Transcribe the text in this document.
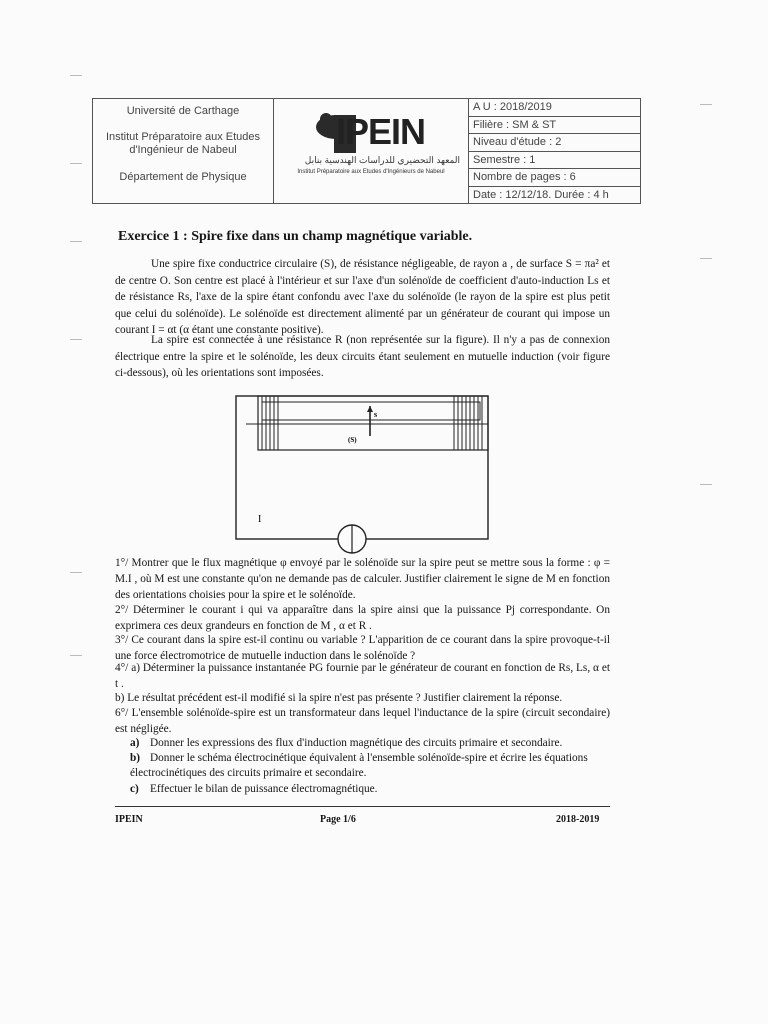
Université de Carthage
Institut Préparatoire aux Etudes d'Ingénieur de Nabeul
Département de Physique
IPEIN
المعهد التحضيري للدراسات الهندسية بنابل
Institut Préparatoire aux Etudes d'Ingénieurs de Nabeul
A U : 2018/2019
Filière : SM & ST
Niveau d'étude : 2
Semestre : 1
Nombre de pages : 6
Date : 12/12/18. Durée : 4 h
Exercice 1 : Spire fixe dans un champ magnétique variable.
Une spire fixe conductrice circulaire (S), de résistance négligeable, de rayon a , de surface S = πa² et de centre O. Son centre est placé à l'intérieur et sur l'axe d'un solénoïde de coefficient d'auto-induction Ls et de résistance Rs, l'axe de la spire étant confondu avec l'axe du solénoïde (le rayon de la spire est plus petit que celui du solénoïde). Le solénoïde est directement alimenté par un générateur de courant qui impose un courant I = αt (α étant une constante positive).
La spire est connectée à une résistance R (non représentée sur la figure). Il n'y a pas de connexion électrique entre la spire et le solénoïde, les deux circuits étant seulement en mutuelle induction (voir figure ci-dessous), où les orientations sont imposées.
s⃗
(S)
I
1°/ Montrer que le flux magnétique φ envoyé par le solénoïde sur la spire peut se mettre sous la forme : φ = M.I , où M est une constante qu'on ne demande pas de calculer. Justifier clairement le signe de M en fonction des orientations choisies pour la spire et le solénoïde.
2°/ Déterminer le courant i qui va apparaître dans la spire ainsi que la puissance Pj correspondante. On exprimera ces deux grandeurs en fonction de M , α et R .
3°/ Ce courant dans la spire est-il continu ou variable ? L'apparition de ce courant dans la spire provoque-t-il une force électromotrice de mutuelle induction dans le solénoïde ?
4°/ a) Déterminer la puissance instantanée PG fournie par le générateur de courant en fonction de Rs, Ls, α et t .
b) Le résultat précédent est-il modifié si la spire n'est pas présente ? Justifier clairement la réponse.
6°/ L'ensemble solénoïde-spire est un transformateur dans lequel l'inductance de la spire (circuit secondaire) est négligée.
a) Donner les expressions des flux d'induction magnétique des circuits primaire et secondaire.
b) Donner le schéma électrocinétique équivalent à l'ensemble solénoïde-spire et écrire les équations électrocinétiques des circuits primaire et secondaire.
c) Effectuer le bilan de puissance électromagnétique.
IPEIN	Page 1/6	2018-2019
